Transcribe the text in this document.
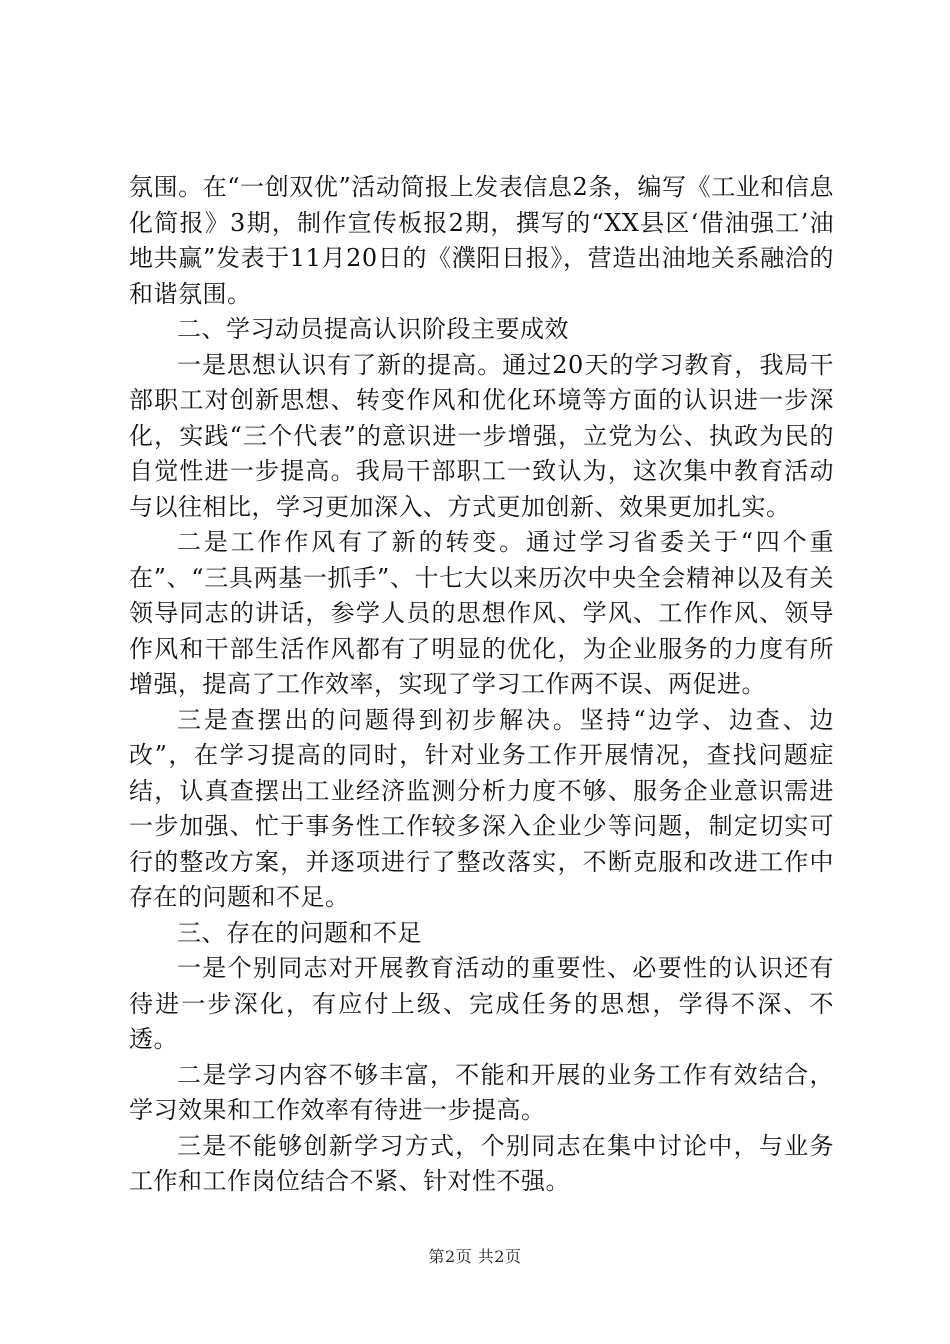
氛围。在“一创双优”活动简报上发表信息2条，编写《工业和信息化简报》3期，制作宣传板报2期，撰写的“XX县区‘借油强工’油地共赢”发表于11月20日的《濮阳日报》，营造出油地关系融洽的和谐氛围。

二、学习动员提高认识阶段主要成效

一是思想认识有了新的提高。通过20天的学习教育，我局干部职工对创新思想、转变作风和优化环境等方面的认识进一步深化，实践“三个代表”的意识进一步增强，立党为公、执政为民的自觉性进一步提高。我局干部职工一致认为，这次集中教育活动与以往相比，学习更加深入、方式更加创新、效果更加扎实。

二是工作作风有了新的转变。通过学习省委关于“四个重在”、“三具两基一抓手”、十七大以来历次中央全会精神以及有关领导同志的讲话，参学人员的思想作风、学风、工作作风、领导作风和干部生活作风都有了明显的优化，为企业服务的力度有所增强，提高了工作效率，实现了学习工作两不误、两促进。

三是查摆出的问题得到初步解决。坚持“边学、边查、边改”，在学习提高的同时，针对业务工作开展情况，查找问题症结，认真查摆出工业经济监测分析力度不够、服务企业意识需进一步加强、忙于事务性工作较多深入企业少等问题，制定切实可行的整改方案，并逐项进行了整改落实，不断克服和改进工作中存在的问题和不足。

三、存在的问题和不足

一是个别同志对开展教育活动的重要性、必要性的认识还有待进一步深化，有应付上级、完成任务的思想，学得不深、不透。

二是学习内容不够丰富，不能和开展的业务工作有效结合，学习效果和工作效率有待进一步提高。

三是不能够创新学习方式，个别同志在集中讨论中，与业务工作和工作岗位结合不紧、针对性不强。

第2页 共2页
